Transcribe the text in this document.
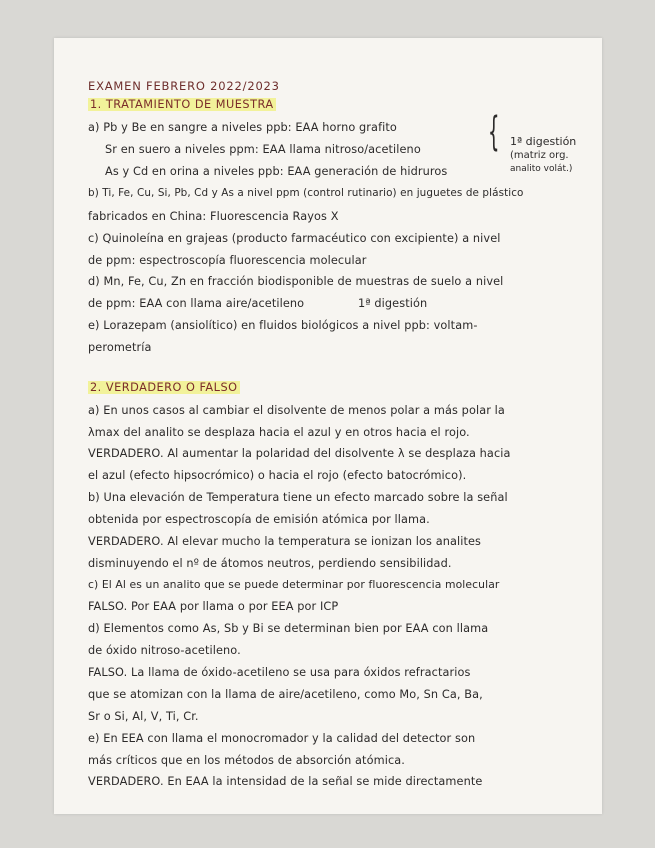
EXAMEN FEBRERO 2022/2023
1. TRATAMIENTO DE MUESTRA
a) Pb y Be en sangre a niveles ppb: EAA horno grafito
Sr en suero a niveles ppm: EAA llama nitroso/acetileno
As y Cd en orina a niveles ppb: EAA generación de hidruros
{ 1ª digestión
(matriz org.
analito volát.)
b) Ti, Fe, Cu, Si, Pb, Cd y As a nivel ppm (control rutinario) en juguetes de plástico
fabricados en China: Fluorescencia Rayos X
c) Quinoleína en grajeas (producto farmacéutico con excipiente) a nivel
de ppm: espectroscopía fluorescencia molecular
d) Mn, Fe, Cu, Zn en fracción biodisponible de muestras de suelo a nivel
de ppm: EAA con llama aire/acetileno	1ª digestión
e) Lorazepam (ansiolítico) en fluidos biológicos a nivel ppb: voltam-
perometría
2. VERDADERO O FALSO
a) En unos casos al cambiar el disolvente de menos polar a más polar la
λmax del analito se desplaza hacia el azul y en otros hacia el rojo.
VERDADERO. Al aumentar la polaridad del disolvente λ se desplaza hacia
el azul (efecto hipsocrómico) o hacia el rojo (efecto batocrómico).
b) Una elevación de Temperatura tiene un efecto marcado sobre la señal
obtenida por espectroscopía de emisión atómica por llama.
VERDADERO. Al elevar mucho la temperatura se ionizan los analites
disminuyendo el nº de átomos neutros, perdiendo sensibilidad.
c) El Al es un analito que se puede determinar por fluorescencia molecular
FALSO. Por EAA por llama o por EEA por ICP
d) Elementos como As, Sb y Bi se determinan bien por EAA con llama
de óxido nitroso-acetileno.
FALSO. La llama de óxido-acetileno se usa para óxidos refractarios
que se atomizan con la llama de aire/acetileno, como Mo, Sn Ca, Ba,
Sr o Si, Al, V, Ti, Cr.
e) En EEA con llama el monocromador y la calidad del detector son
más críticos que en los métodos de absorción atómica.
VERDADERO. En EAA la intensidad de la señal se mide directamente
